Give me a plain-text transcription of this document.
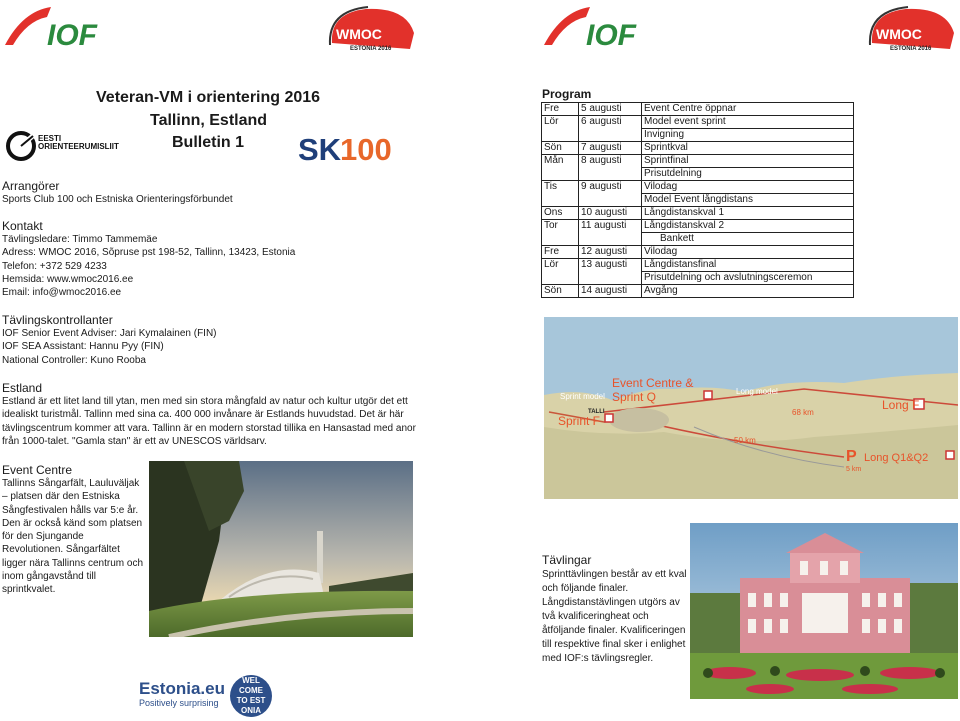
IOF	WMOC
ESTONIA 2016	IOF	WMOC
ESTONIA 2016
Veteran-VM i orientering 2016
Tallinn, Estland
Bulletin 1
EESTI
ORIENTEERUMISLIIT	SK
100
Arrangörer
Sports Club 100 och Estniska Orienteringsförbundet
Kontakt
Tävlingsledare: Timmo Tammemäe
Adress: WMOC 2016, Sõpruse pst 198-52, Tallinn, 13423, Estonia
Telefon: +372 529 4233
Hemsida: www.wmoc2016.ee
Email: info@wmoc2016.ee
Tävlingskontrollanter
IOF Senior Event Adviser: Jari Kymalainen (FIN)
IOF SEA Assistant: Hannu Pyy (FIN)
National Controller: Kuno Rooba
Estland
Estland är ett litet land till ytan, men med sin stora mångfald av natur och kultur utgör det ett
idealiskt turistmål. Tallinn med sina ca. 400 000 invånare är Estlands huvudstad. Det är här
tävlingscentrum kommer att vara. Tallinn är en modern storstad tillika en Hansastad med anor
från 1000-talet. "Gamla stan" är ett av UNESCOS världsarv.
Event Centre
Tallinns Sångarfält, Lauluväljak
– platsen där den Estniska
Sångfestivalen hålls var 5:e år.
Den är också känd som platsen
för den Sjungande
Revolutionen. Sångarfältet
ligger nära Tallinns centrum och
inom gångavstånd till
sprintkvalet.
Estonia.eu
Positively surprising
WEL
COME
TO EST
ONIA
Program
Fre	5 augusti	Event Centre öppnar
Lör	6 augusti	Model event sprint
		Invigning
Sön	7 augusti	Sprintkval
Mån	8 augusti	Sprintfinal
		Prisutdelning
Tis	9 augusti	Vilodag
		Model Event långdistans
Ons	10 augusti	Långdistanskval 1
Tor	11 augusti	Långdistanskval 2
		Bankett
Fre	12 augusti	Vilodag
Lör	13 augusti	Långdistansfinal
		Prisutdelning och avslutningsceremon
Sön	14 augusti	Avgång
Sprint model
Event Centre &
Sprint Q
Sprint F
TALLI
Long model
Long F
68 km
50 km
P
5 km
Long Q1&Q2
Tävlingar
Sprinttävlingen består av ett kval
och följande finaler.
Långdistanstävlingen utgörs av
två kvalificeringheat och
åtföljande finaler. Kvalificeringen
till respektive final sker i enlighet
med IOF:s tävlingsregler.
